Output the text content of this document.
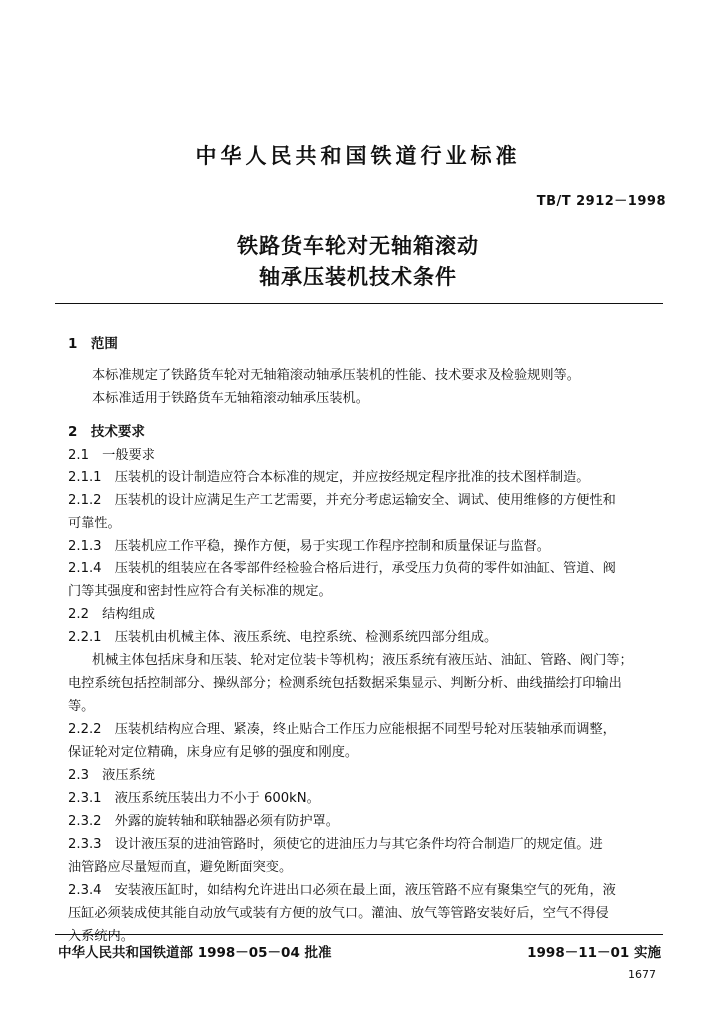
中华人民共和国铁道行业标准
TB/T 2912－1998
铁路货车轮对无轴箱滚动
轴承压装机技术条件
1　范围
本标准规定了铁路货车轮对无轴箱滚动轴承压装机的性能、技术要求及检验规则等。
本标准适用于铁路货车无轴箱滚动轴承压装机。
2　技术要求
2.1　一般要求
2.1.1　压装机的设计制造应符合本标准的规定，并应按经规定程序批准的技术图样制造。
2.1.2　压装机的设计应满足生产工艺需要，并充分考虑运输安全、调试、使用维修的方便性和
可靠性。
2.1.3　压装机应工作平稳，操作方便，易于实现工作程序控制和质量保证与监督。
2.1.4　压装机的组装应在各零部件经检验合格后进行，承受压力负荷的零件如油缸、管道、阀
门等其强度和密封性应符合有关标准的规定。
2.2　结构组成
2.2.1　压装机由机械主体、液压系统、电控系统、检测系统四部分组成。
机械主体包括床身和压装、轮对定位装卡等机构；液压系统有液压站、油缸、管路、阀门等；
电控系统包括控制部分、操纵部分；检测系统包括数据采集显示、判断分析、曲线描绘打印输出
等。
2.2.2　压装机结构应合理、紧凑，终止贴合工作压力应能根据不同型号轮对压装轴承而调整，
保证轮对定位精确，床身应有足够的强度和刚度。
2.3　液压系统
2.3.1　液压系统压装出力不小于 600kN。
2.3.2　外露的旋转轴和联轴器必须有防护罩。
2.3.3　设计液压泵的进油管路时，须使它的进油压力与其它条件均符合制造厂的规定值。进
油管路应尽量短而直，避免断面突变。
2.3.4　安装液压缸时，如结构允许进出口必须在最上面，液压管路不应有聚集空气的死角，液
压缸必须装成使其能自动放气或装有方便的放气口。灌油、放气等管路安装好后，空气不得侵
入系统内。
中华人民共和国铁道部 1998－05－04 批准	1998－11－01 实施
1677
